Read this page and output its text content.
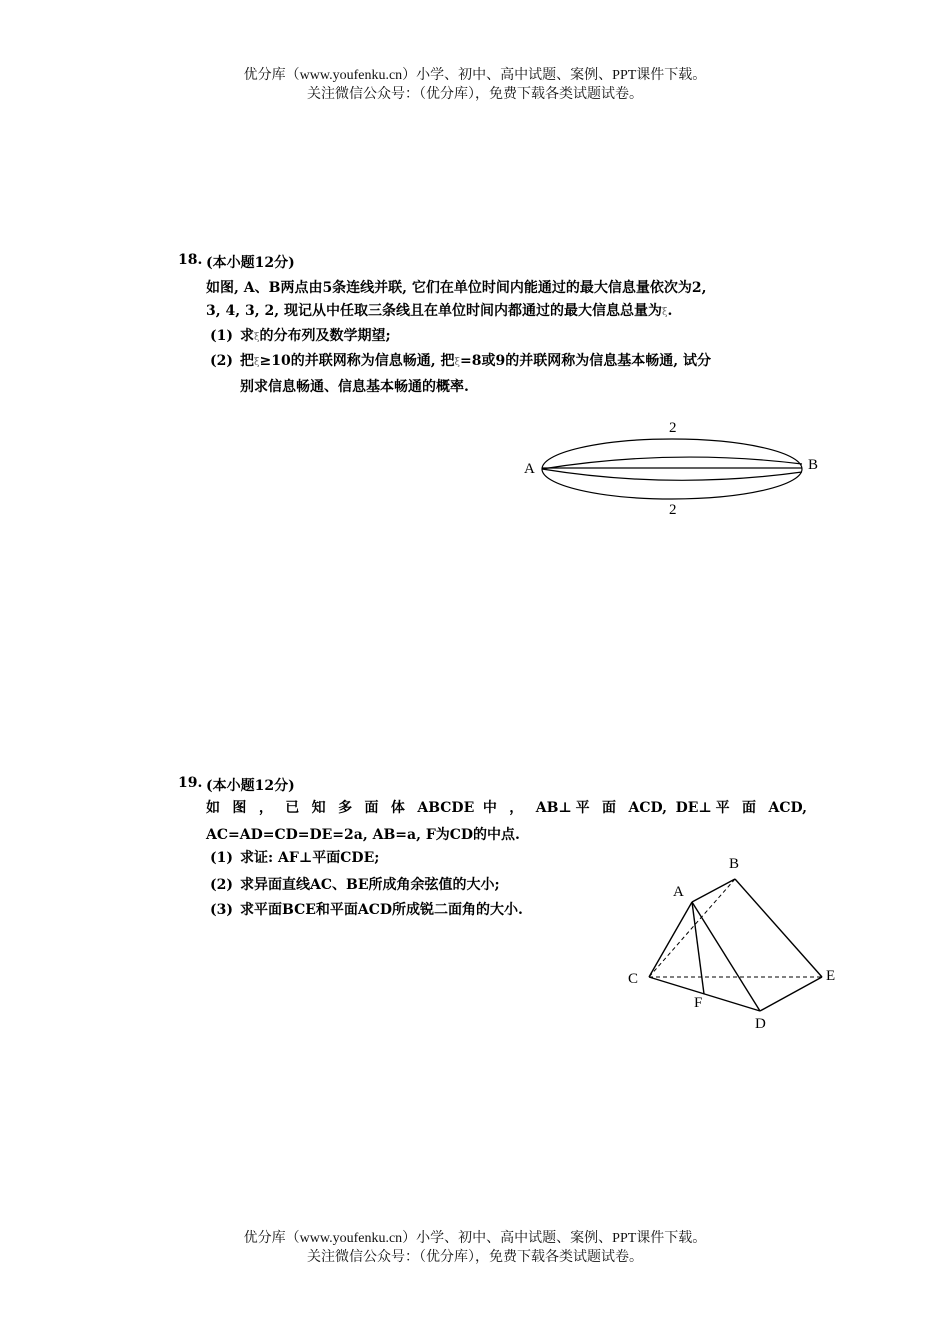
优分库（www.youfenku.cn）小学、初中、高中试题、案例、PPT课件下载。
关注微信公众号：（优分库），免费下载各类试题试卷。
18. (本小题12分)
如图, A、B两点由5条连线并联, 它们在单位时间内能通过的最大信息量依次为2,
3, 4, 3, 2, 现记从中任取三条线且在单位时间内都通过的最大信息总量为ξ.
(1) 求ξ的分布列及数学期望;
(2) 把ξ≥10的并联网称为信息畅通, 把ξ=8或9的并联网称为信息基本畅通, 试分
别求信息畅通、信息基本畅通的概率.
A	B
2
2
19. (本小题12分)
如 图 ， 已 知 多 面 体 ABCDE 中 ， AB⊥平 面 ACD, DE⊥平 面 ACD,
AC=AD=CD=DE=2a, AB=a, F为CD的中点.
(1) 求证: AF⊥平面CDE;
(2) 求异面直线AC、BE所成角余弦值的大小;
(3) 求平面BCE和平面ACD所成锐二面角的大小.
A
B
C
D
E
F
优分库（www.youfenku.cn）小学、初中、高中试题、案例、PPT课件下载。
关注微信公众号：（优分库），免费下载各类试题试卷。
